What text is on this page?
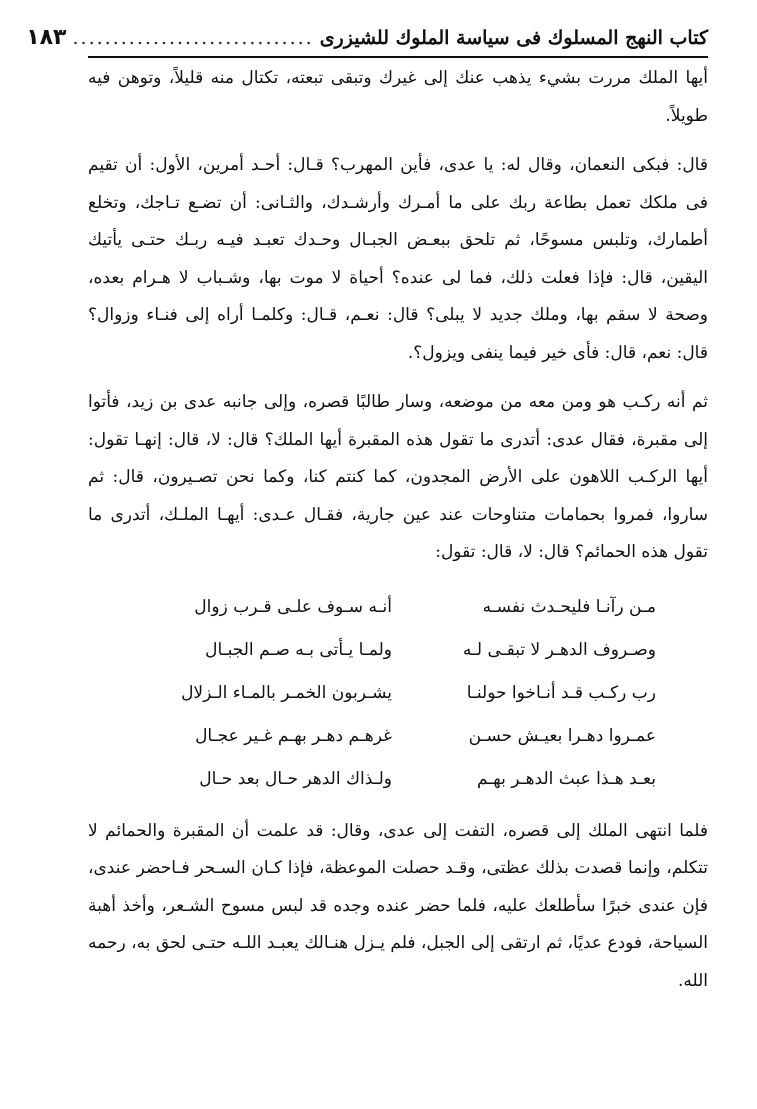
كتاب النهج المسلوك فى سياسة الملوك للشيزرى
..............................
١٨٣

أيها الملك مررت بشيء يذهب عنك إلى غيرك وتبقى تبعته، تكتال منه قليلاً، وتوهن فيه طويلاً.

قال: فبكى النعمان، وقال له: يا عدى، فأين المهرب؟ قـال: أحـد أمرين، الأول: أن تقيم فى ملكك تعمل بطاعة ربك على ما أمـرك وأرشـدك، والثـانى: أن تضـع تـاجك، وتخلع أطمارك، وتلبس مسوحًا، ثم تلحق ببعـض الجبـال وحـدك تعبـد فيـه ربـك حتـى يأتيك اليقين، قال: فإذا فعلت ذلك، فما لى عنده؟ أحياة لا موت بها، وشـباب لا هـرام بعده، وصحة لا سقم بها، وملك جديد لا يبلى؟ قال: نعـم، قـال: وكلمـا أراه إلى فنـاء وزوال؟ قال: نعم، قال: فأى خير فيما ينفى ويزول؟.

ثم أنه ركـب هو ومن معه من موضعه، وسار طالبًا قصره، وإلى جانبه عدى بن زيد، فأتوا إلى مقبرة، فقال عدى: أتدرى ما تقول هذه المقبرة أيها الملك؟ قال: لا، قال: إنهـا تقول: أيها الركـب اللاهون على الأرض المجدون، كما كنتم كنا، وكما نحن تصـيرون، قال: ثم ساروا، فمروا بحمامات متناوحات عند عين جارية، فقـال عـدى: أيهـا الملـك، أتدرى ما تقول هذه الحمائم؟ قال: لا، قال: تقول:

مـن رآنـا فليحـدث نفسـه
أنـه سـوف علـى قـرب زوال
وصـروف الدهـر لا تبقـى لـه
ولمـا يـأتى بـه صـم الجبـال
رب ركـب قـد أنـاخوا حولنـا
يشـربون الخمـر بالمـاء الـزلال
عمـروا دهـرا بعيـش حسـن
غرهـم دهـر بهـم غـير عجـال
بعـد هـذا عبث الدهـر بهـم
ولـذاك الدهر حـال بعد حـال

فلما انتهى الملك إلى قصره، التفت إلى عدى، وقال: قد علمت أن المقبرة والحمائم لا تتكلم، وإنما قصدت بذلك عظتى، وقـد حصلت الموعظة، فإذا كـان السـحر فـاحضر عندى، فإن عندى خبرًا سأطلعك عليه، فلما حضر عنده وجده قد لبس مسوح الشـعر، وأخذ أهبة السياحة، فودع عديًا، ثم ارتقى إلى الجبل، فلم يـزل هنـالك يعبـد اللـه حتـى لحق به، رحمه الله.
